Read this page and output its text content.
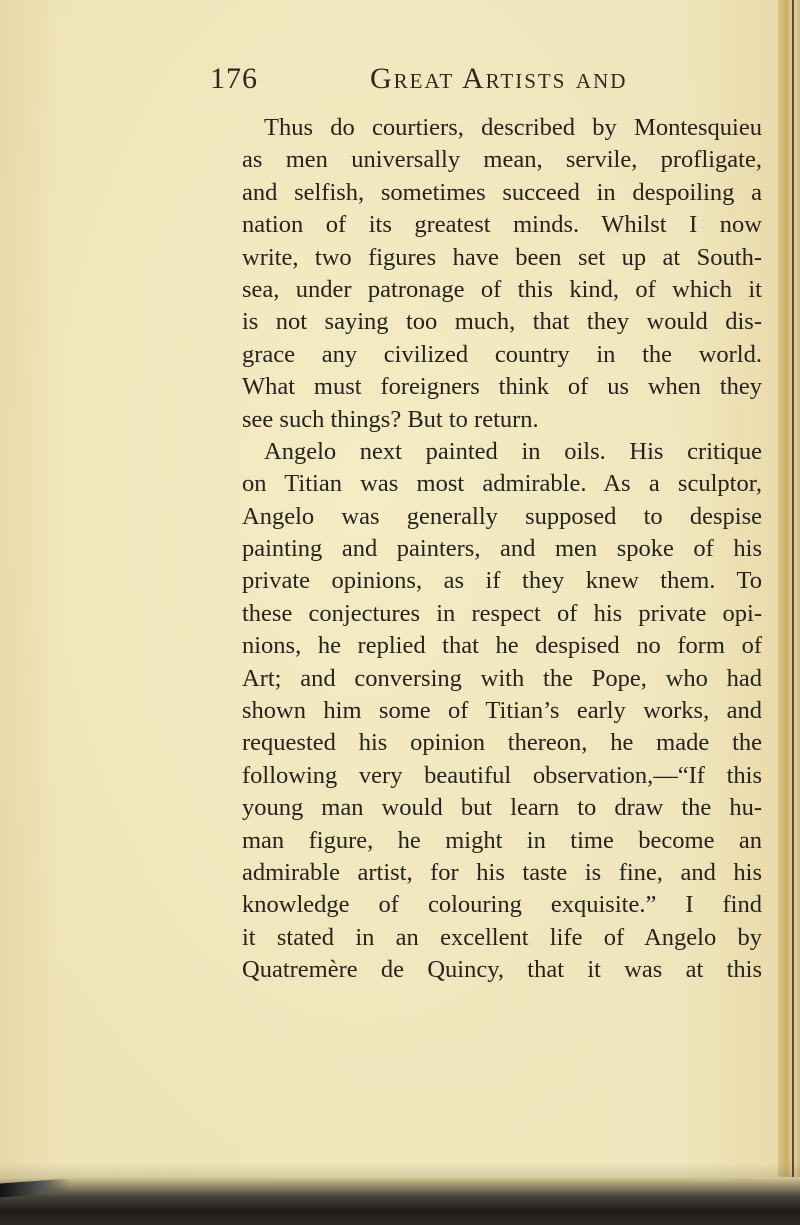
176	Great Artists and
Thus do courtiers, described by Montesquieu
as men universally mean, servile, profligate,
and selfish, sometimes succeed in despoiling a
nation of its greatest minds. Whilst I now
write, two figures have been set up at South-
sea, under patronage of this kind, of which it
is not saying too much, that they would dis-
grace any civilized country in the world.
What must foreigners think of us when they
see such things? But to return.
Angelo next painted in oils. His critique
on Titian was most admirable. As a sculptor,
Angelo was generally supposed to despise
painting and painters, and men spoke of his
private opinions, as if they knew them. To
these conjectures in respect of his private opi-
nions, he replied that he despised no form of
Art; and conversing with the Pope, who had
shown him some of Titian’s early works, and
requested his opinion thereon, he made the
following very beautiful observation,—“If this
young man would but learn to draw the hu-
man figure, he might in time become an
admirable artist, for his taste is fine, and his
knowledge of colouring exquisite.” I find
it stated in an excellent life of Angelo by
Quatremère de Quincy, that it was at this
